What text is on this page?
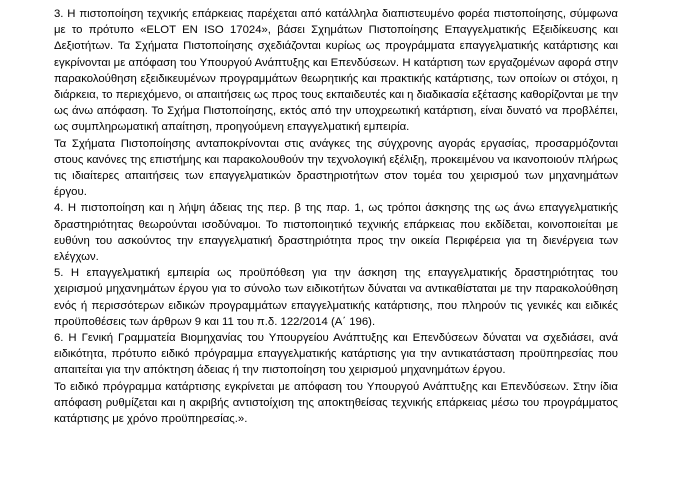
3. Η πιστοποίηση τεχνικής επάρκειας παρέχεται από κατάλληλα διαπιστευμένο φορέα πιστοποίησης, σύμφωνα με το πρότυπο «ELOT EN ISO 17024», βάσει Σχημάτων Πιστοποίησης Επαγγελματικής Εξειδίκευσης και Δεξιοτήτων. Τα Σχήματα Πιστοποίησης σχεδιάζονται κυρίως ως προγράμματα επαγγελματικής κατάρτισης και εγκρίνονται με απόφαση του Υπουργού Ανάπτυξης και Επενδύσεων. Η κατάρτιση των εργαζομένων αφορά στην παρακολούθηση εξειδικευμένων προγραμμάτων θεωρητικής και πρακτικής κατάρτισης, των οποίων οι στόχοι, η διάρκεια, το περιεχόμενο, οι απαιτήσεις ως προς τους εκπαιδευτές και η διαδικασία εξέτασης καθορίζονται με την ως άνω απόφαση. Το Σχήμα Πιστοποίησης, εκτός από την υποχρεωτική κατάρτιση, είναι δυνατό να προβλέπει, ως συμπληρωματική απαίτηση, προηγούμενη επαγγελματική εμπειρία.

Τα Σχήματα Πιστοποίησης ανταποκρίνονται στις ανάγκες της σύγχρονης αγοράς εργασίας, προσαρμόζονται στους κανόνες της επιστήμης και παρακολουθούν την τεχνολογική εξέλιξη, προκειμένου να ικανοποιούν πλήρως τις ιδιαίτερες απαιτήσεις των επαγγελματικών δραστηριοτήτων στον τομέα του χειρισμού των μηχανημάτων έργου.

4. Η πιστοποίηση και η λήψη άδειας της περ. β της παρ. 1, ως τρόποι άσκησης της ως άνω επαγγελματικής δραστηριότητας θεωρούνται ισοδύναμοι. Το πιστοποιητικό τεχνικής επάρκειας που εκδίδεται, κοινοποιείται με ευθύνη του ασκούντος την επαγγελματική δραστηριότητα προς την οικεία Περιφέρεια για τη διενέργεια των ελέγχων.

5. Η επαγγελματική εμπειρία ως προϋπόθεση για την άσκηση της επαγγελματικής δραστηριότητας του χειρισμού μηχανημάτων έργου για το σύνολο των ειδικοτήτων δύναται να αντικαθίσταται με την παρακολούθηση ενός ή περισσότερων ειδικών προγραμμάτων επαγγελματικής κατάρτισης, που πληρούν τις γενικές και ειδικές προϋποθέσεις των άρθρων 9 και 11 του π.δ. 122/2014 (Α΄ 196).

6. Η Γενική Γραμματεία Βιομηχανίας του Υπουργείου Ανάπτυξης και Επενδύσεων δύναται να σχεδιάσει, ανά ειδικότητα, πρότυπο ειδικό πρόγραμμα επαγγελματικής κατάρτισης για την αντικατάσταση προϋπηρεσίας που απαιτείται για την απόκτηση άδειας ή την πιστοποίηση του χειρισμού μηχανημάτων έργου.

Το ειδικό πρόγραμμα κατάρτισης εγκρίνεται με απόφαση του Υπουργού Ανάπτυξης και Επενδύσεων. Στην ίδια απόφαση ρυθμίζεται και η ακριβής αντιστοίχιση της αποκτηθείσας τεχνικής επάρκειας μέσω του προγράμματος κατάρτισης με χρόνο προϋπηρεσίας.».
